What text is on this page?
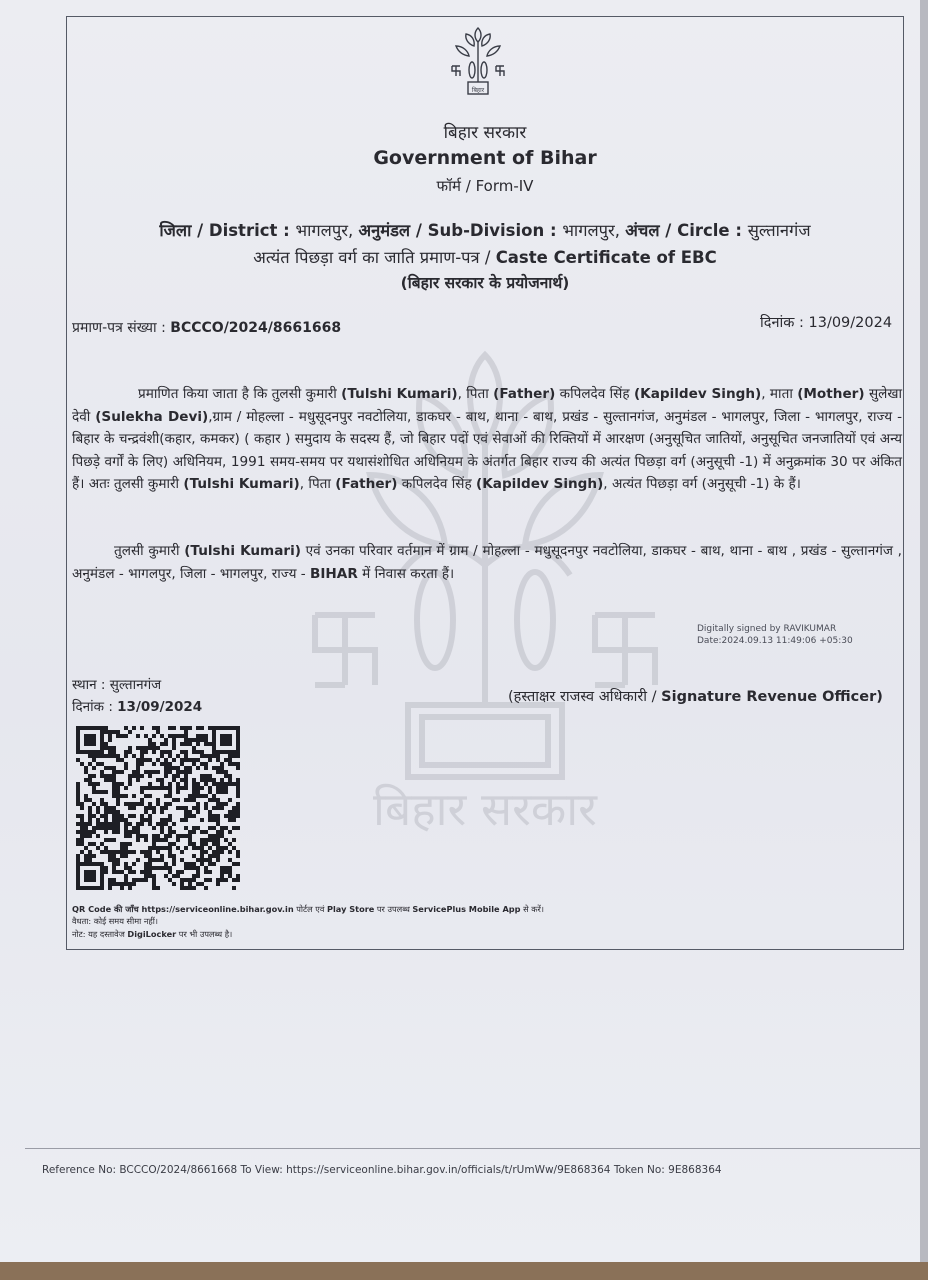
बिहार सरकार
बिहार
बिहार सरकार
Government of Bihar
फॉर्म / Form-IV
जिला / District : भागलपुर, अनुमंडल / Sub-Division : भागलपुर, अंचल / Circle : सुल्तानगंज
अत्यंत पिछड़ा वर्ग का जाति प्रमाण-पत्र / Caste Certificate of EBC
(बिहार सरकार के प्रयोजनार्थ)
प्रमाण-पत्र संख्या : BCCCO/2024/8661668	दिनांक : 13/09/2024
प्रमाणित किया जाता है कि तुलसी कुमारी (Tulshi Kumari), पिता (Father) कपिलदेव सिंह (Kapildev Singh), माता (Mother) सुलेखा देवी (Sulekha Devi),ग्राम / मोहल्ला - मधुसूदनपुर नवटोलिया, डाकघर - बाथ, थाना - बाथ, प्रखंड - सुल्तानगंज, अनुमंडल - भागलपुर, जिला - भागलपुर, राज्य - बिहार के चन्द्रवंशी(कहार, कमकर) ( कहार ) समुदाय के सदस्य हैं, जो बिहार पदों एवं सेवाओं की रिक्तियों में आरक्षण (अनुसूचित जातियों, अनुसूचित जनजातियों एवं अन्य पिछड़े वर्गों के लिए) अधिनियम, 1991 समय-समय पर यथासंशोधित अधिनियम के अंतर्गत बिहार राज्य की अत्यंत पिछड़ा वर्ग (अनुसूची -1) में अनुक्रमांक 30 पर अंकित हैं। अतः तुलसी कुमारी (Tulshi Kumari), पिता (Father) कपिलदेव सिंह (Kapildev Singh), अत्यंत पिछड़ा वर्ग (अनुसूची -1) के हैं।
तुलसी कुमारी (Tulshi Kumari) एवं उनका परिवार वर्तमान में ग्राम / मोहल्ला - मधुसूदनपुर नवटोलिया, डाकघर - बाथ, थाना - बाथ , प्रखंड - सुल्तानगंज , अनुमंडल - भागलपुर, जिला - भागलपुर, राज्य - BIHAR में निवास करता हैं।
Digitally signed by RAVIKUMAR
Date:2024.09.13 11:49:06 +05:30
(हस्ताक्षर राजस्व अधिकारी / Signature Revenue Officer)
स्थान : सुल्तानगंज
दिनांक : 13/09/2024
QR Code की जाँच https://serviceonline.bihar.gov.in पोर्टल एवं Play Store पर उपलब्ध ServicePlus Mobile App से करें।
वैधता: कोई समय सीमा नहीं।
नोट: यह दस्तावेज DigiLocker पर भी उपलब्ध है।
Reference No: BCCCO/2024/8661668 To View: https://serviceonline.bihar.gov.in/officials/t/rUmWw/9E868364 Token No: 9E868364
